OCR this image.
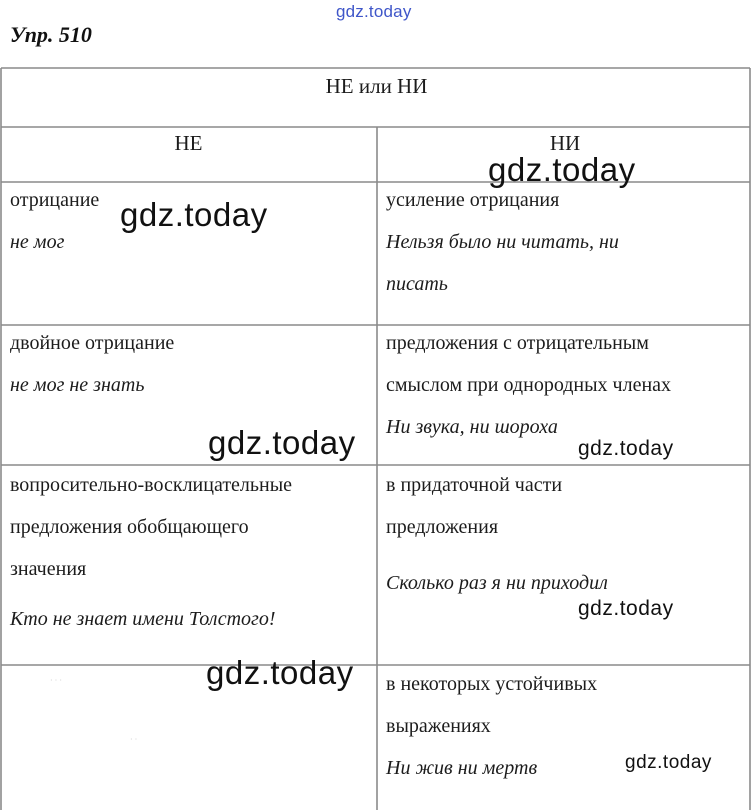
gdz.today
Упр. 510
НЕ или НИ
НЕ	НИ
отрицание
не мог
усиление отрицания
Нельзя было ни читать, ни
писать
двойное отрицание
не мог не знать
предложения с отрицательным
смыслом при однородных членах
Ни звука, ни шороха
вопросительно-восклицательные
предложения обобщающего
значения
Кто не знает имени Толстого!
в придаточной части
предложения
Сколько раз я ни приходил
в некоторых устойчивых
выражениях
Ни жив ни мертв
· · ·
· ·
gdz.today
gdz.today
gdz.today	gdz.today
gdz.today
gdz.today
gdz.today
